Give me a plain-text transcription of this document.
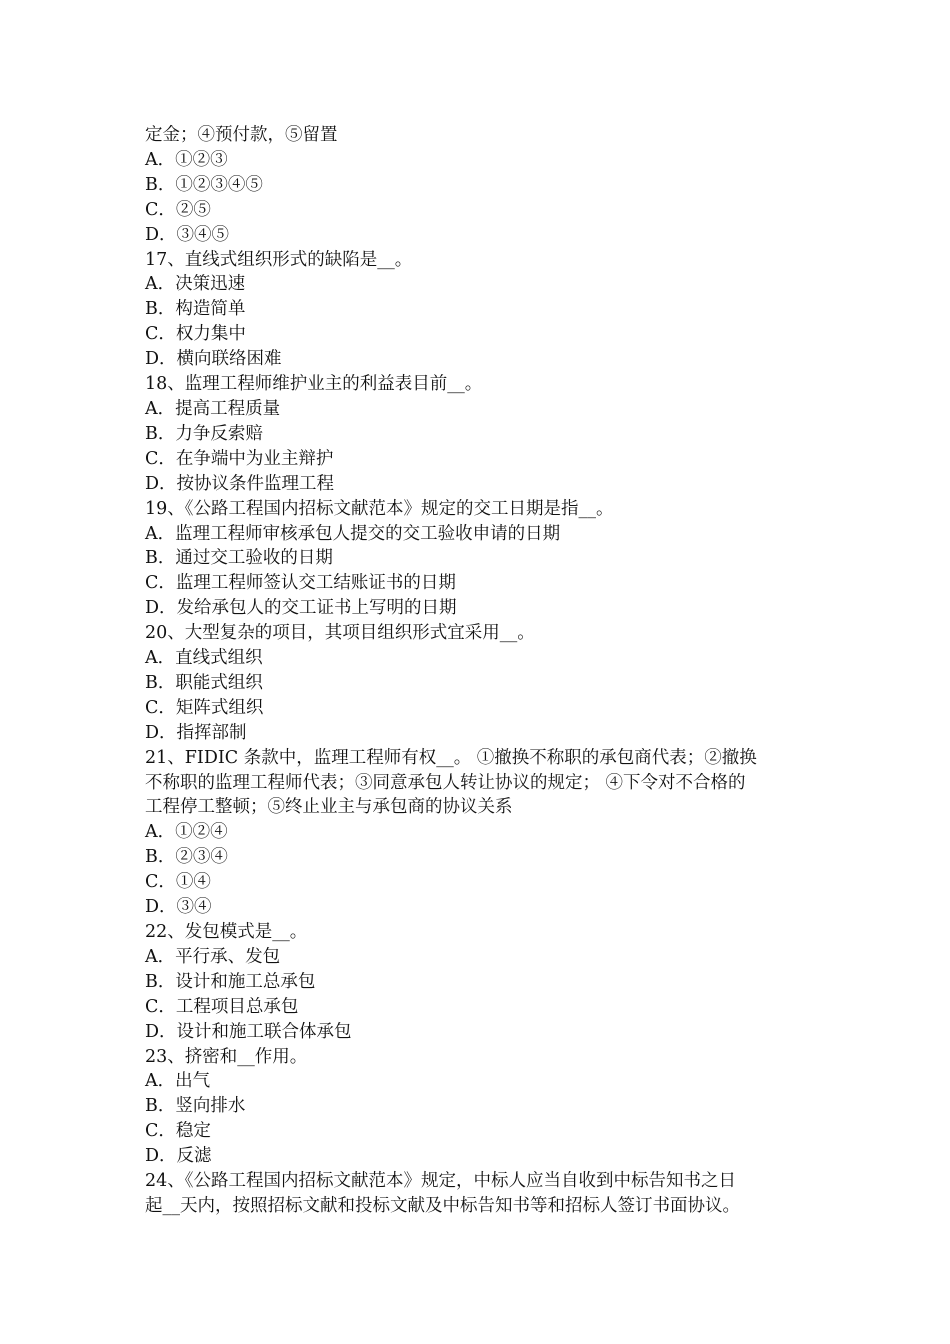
定金；④预付款，⑤留置
A．①②③
B．①②③④⑤
C．②⑤
D．③④⑤
17、直线式组织形式的缺陷是__。
A．决策迅速
B．构造简单
C．权力集中
D．横向联络困难
18、监理工程师维护业主的利益表目前__。
A．提高工程质量
B．力争反索赔
C．在争端中为业主辩护
D．按协议条件监理工程
19、《公路工程国内招标文献范本》规定的交工日期是指__。
A．监理工程师审核承包人提交的交工验收申请的日期
B．通过交工验收的日期
C．监理工程师签认交工结账证书的日期
D．发给承包人的交工证书上写明的日期
20、大型复杂的项目，其项目组织形式宜采用__。
A．直线式组织
B．职能式组织
C．矩阵式组织
D．指挥部制
21、FIDIC 条款中，监理工程师有权__。 ①撤换不称职的承包商代表；②撤换
不称职的监理工程师代表；③同意承包人转让协议的规定； ④下令对不合格的
工程停工整顿；⑤终止业主与承包商的协议关系
A．①②④
B．②③④
C．①④
D．③④
22、发包模式是__。
A．平行承、发包
B．设计和施工总承包
C．工程项目总承包
D．设计和施工联合体承包
23、挤密和__作用。
A．出气
B．竖向排水
C．稳定
D．反滤
24、《公路工程国内招标文献范本》规定，中标人应当自收到中标告知书之日
起__天内，按照招标文献和投标文献及中标告知书等和招标人签订书面协议。
